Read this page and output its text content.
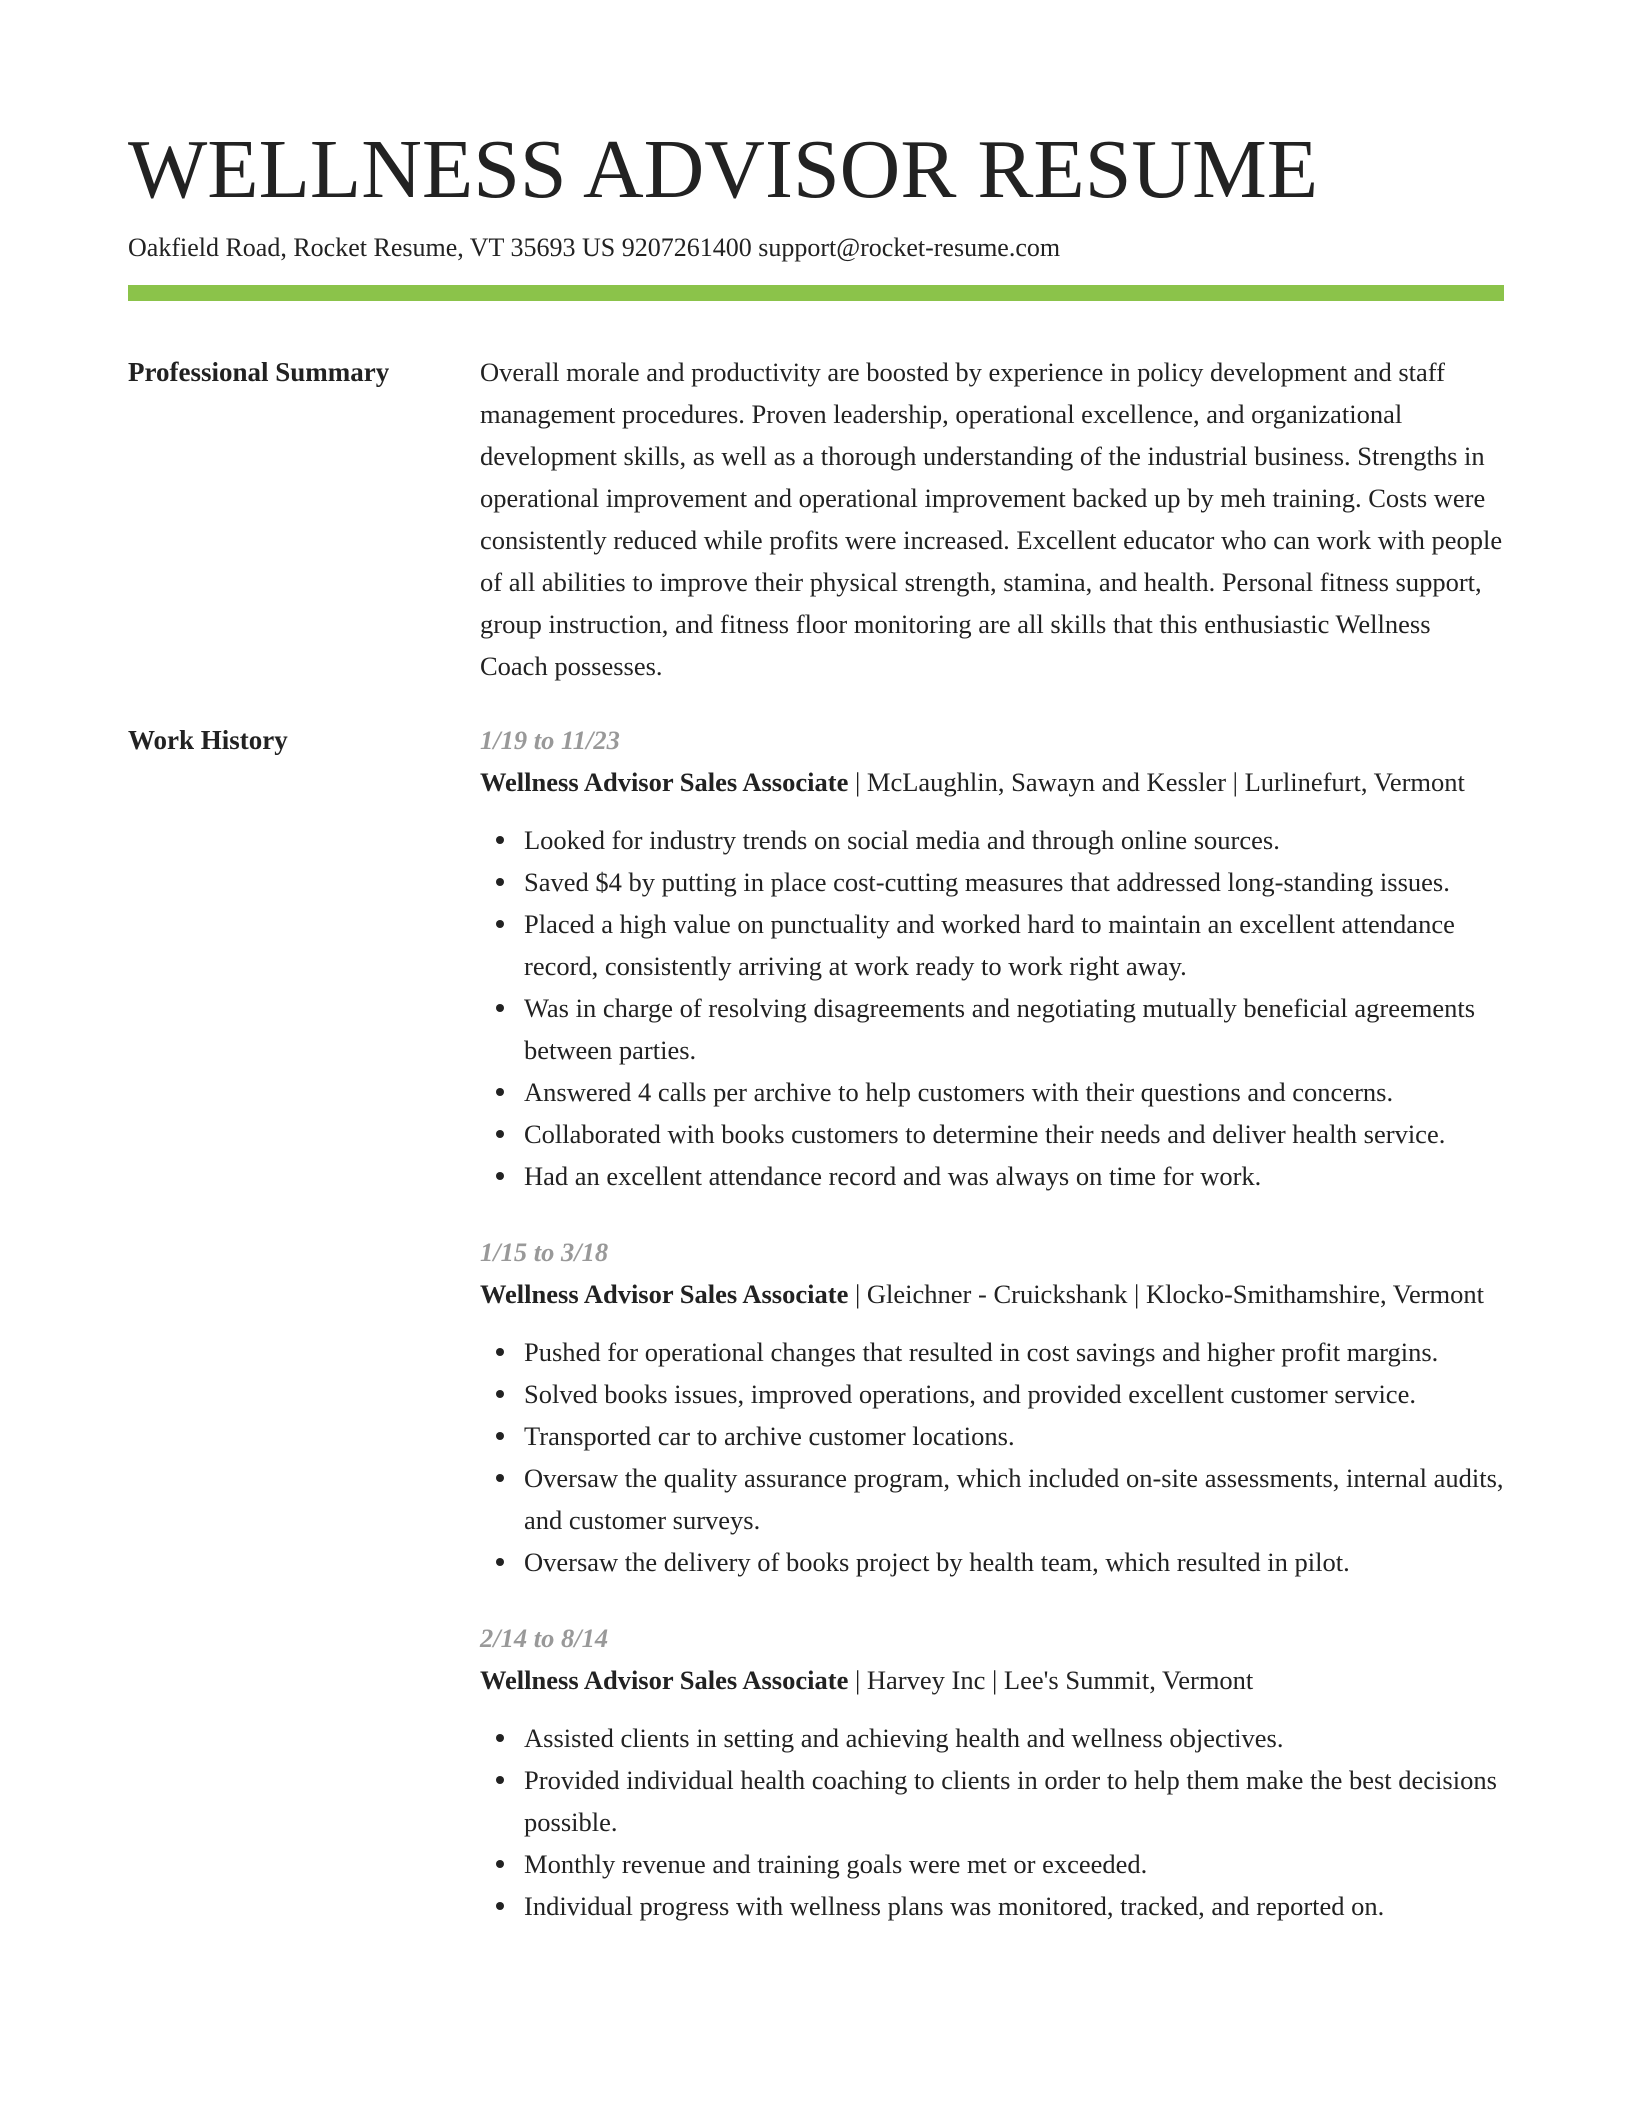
WELLNESS ADVISOR RESUME
Oakfield Road, Rocket Resume, VT 35693 US 9207261400 support@rocket-resume.com
Professional Summary	Overall morale and productivity are boosted by experience in policy development and staff management procedures. Proven leadership, operational excellence, and organizational development skills, as well as a thorough understanding of the industrial business. Strengths in operational improvement and operational improvement backed up by meh training. Costs were consistently reduced while profits were increased. Excellent educator who can work with people of all abilities to improve their physical strength, stamina, and health. Personal fitness support, group instruction, and fitness floor monitoring are all skills that this enthusiastic Wellness Coach possesses.

Work History	1/19 to 11/23
Wellness Advisor Sales Associate | McLaughlin, Sawayn and Kessler | Lurlinefurt, Vermont
Looked for industry trends on social media and through online sources.
Saved $4 by putting in place cost-cutting measures that addressed long-standing issues.
Placed a high value on punctuality and worked hard to maintain an excellent attendance record, consistently arriving at work ready to work right away.
Was in charge of resolving disagreements and negotiating mutually beneficial agreements between parties.
Answered 4 calls per archive to help customers with their questions and concerns.
Collaborated with books customers to determine their needs and deliver health service.
Had an excellent attendance record and was always on time for work.
1/15 to 3/18
Wellness Advisor Sales Associate | Gleichner - Cruickshank | Klocko-Smithamshire, Vermont
Pushed for operational changes that resulted in cost savings and higher profit margins.
Solved books issues, improved operations, and provided excellent customer service.
Transported car to archive customer locations.
Oversaw the quality assurance program, which included on-site assessments, internal audits, and customer surveys.
Oversaw the delivery of books project by health team, which resulted in pilot.
2/14 to 8/14
Wellness Advisor Sales Associate | Harvey Inc | Lee's Summit, Vermont
Assisted clients in setting and achieving health and wellness objectives.
Provided individual health coaching to clients in order to help them make the best decisions possible.
Monthly revenue and training goals were met or exceeded.
Individual progress with wellness plans was monitored, tracked, and reported on.
